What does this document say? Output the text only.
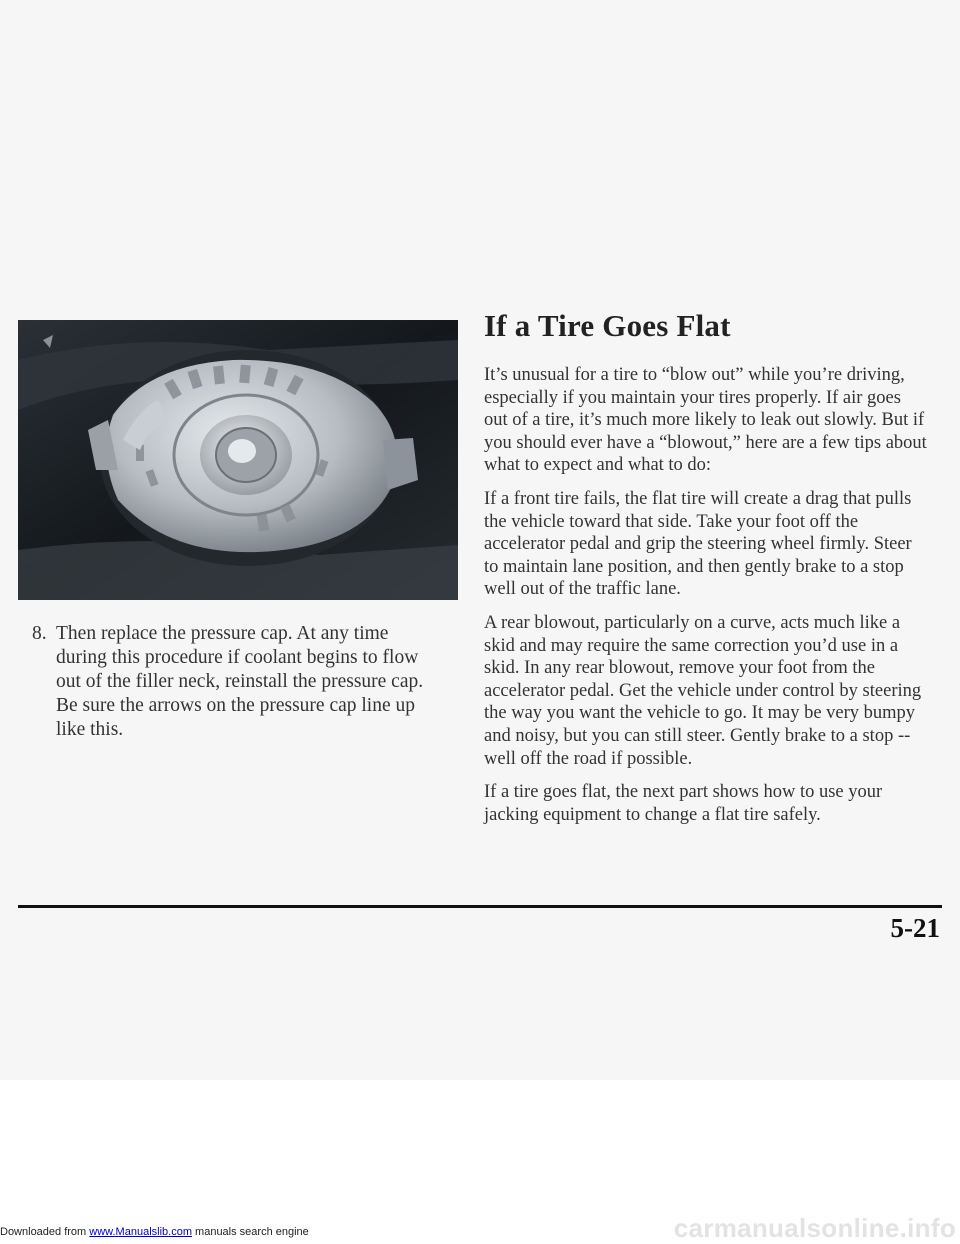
8. Then replace the pressure cap. At any time during this procedure if coolant begins to flow out of the filler neck, reinstall the pressure cap. Be sure the arrows on the pressure cap line up like this.
If a Tire Goes Flat

It’s unusual for a tire to “blow out” while you’re driving, especially if you maintain your tires properly. If air goes out of a tire, it’s much more likely to leak out slowly. But if you should ever have a “blowout,” here are a few tips about what to expect and what to do:

If a front tire fails, the flat tire will create a drag that pulls the vehicle toward that side. Take your foot off the accelerator pedal and grip the steering wheel firmly. Steer to maintain lane position, and then gently brake to a stop well out of the traffic lane.

A rear blowout, particularly on a curve, acts much like a skid and may require the same correction you’d use in a skid. In any rear blowout, remove your foot from the accelerator pedal. Get the vehicle under control by steering the way you want the vehicle to go. It may be very bumpy and noisy, but you can still steer. Gently brake to a stop -- well off the road if possible.

If a tire goes flat, the next part shows how to use your jacking equipment to change a flat tire safely.

5-21
Downloaded from www.Manualslib.com manuals search engine	carmanualsonline.info
